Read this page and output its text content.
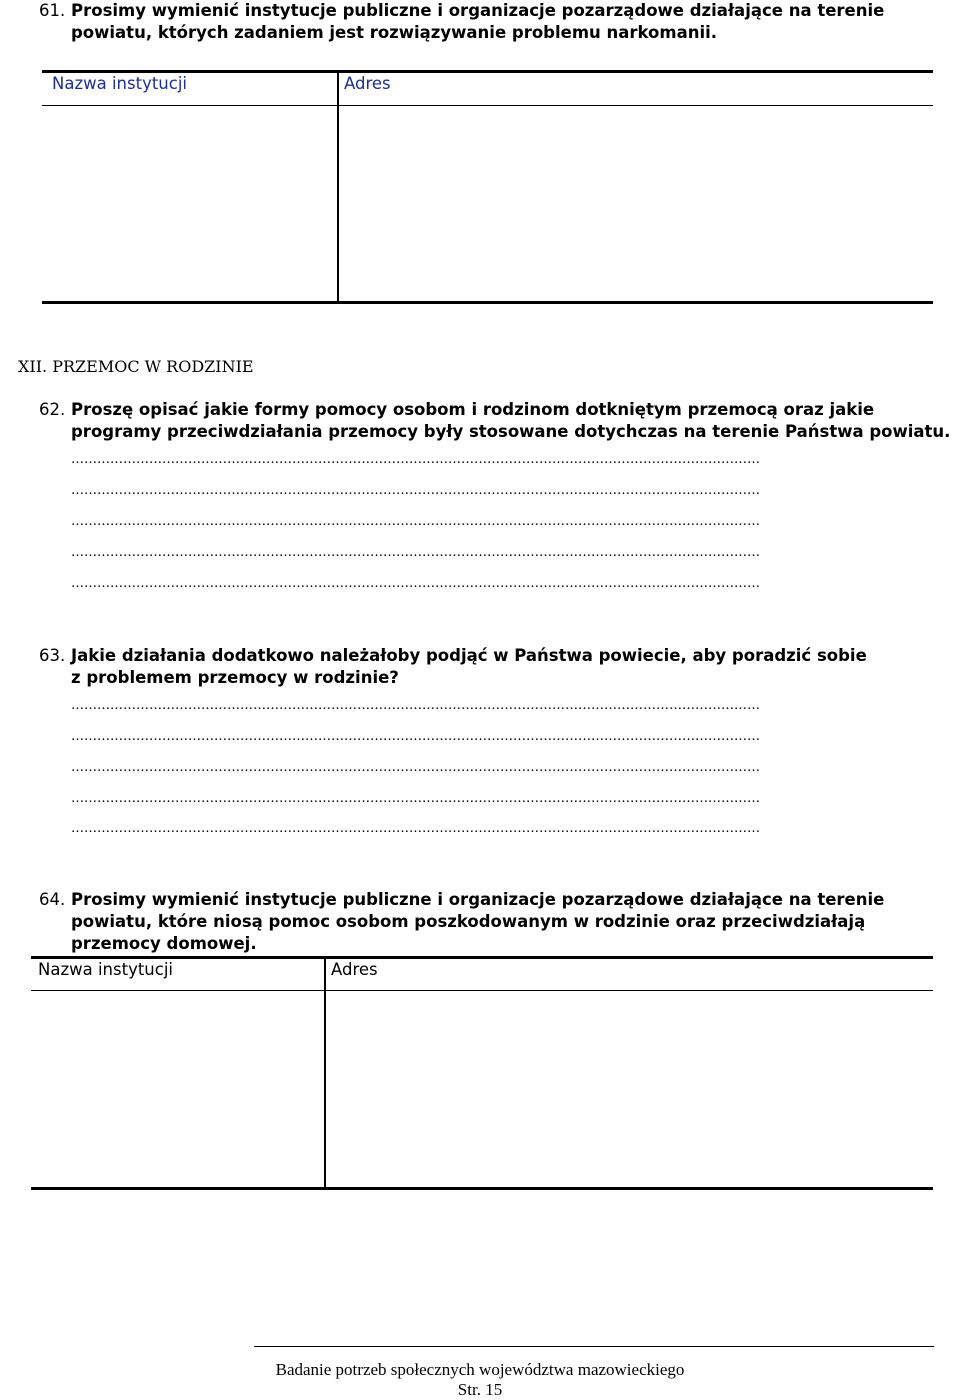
61. Prosimy wymienić instytucje publiczne i organizacje pozarządowe działające na terenie
powiatu, których zadaniem jest rozwiązywanie problemu narkomanii.
Nazwa instytucji	Adres
XII. PRZEMOC W RODZINIE
62. Proszę opisać jakie formy pomocy osobom i rodzinom dotkniętym przemocą oraz jakie
programy przeciwdziałania przemocy były stosowane dotychczas na terenie Państwa powiatu.
……………………………………………………………………………………………………………………………………………
……………………………………………………………………………………………………………………………………………
……………………………………………………………………………………………………………………………………………
……………………………………………………………………………………………………………………………………………
……………………………………………………………………………………………………………………………………………
63. Jakie działania dodatkowo należałoby podjąć w Państwa powiecie, aby poradzić sobie
z problemem przemocy w rodzinie?
……………………………………………………………………………………………………………………………………………
……………………………………………………………………………………………………………………………………………
……………………………………………………………………………………………………………………………………………
……………………………………………………………………………………………………………………………………………
……………………………………………………………………………………………………………………………………………
64. Prosimy wymienić instytucje publiczne i organizacje pozarządowe działające na terenie
powiatu, które niosą pomoc osobom poszkodowanym w rodzinie oraz przeciwdziałają
przemocy domowej.
Nazwa instytucji	Adres
Badanie potrzeb społecznych województwa mazowieckiego
Str. 15
